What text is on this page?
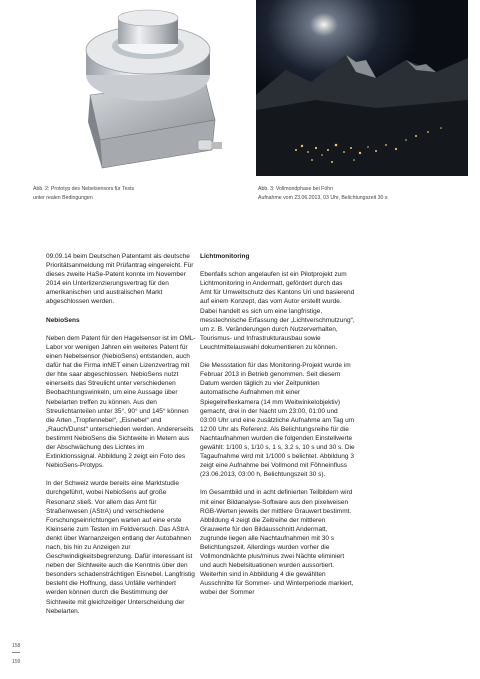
Abb. 2: Prototyp des Nebelsensors für Tests
unter realen Bedingungen
Abb. 3: Vollmondphase bei Föhn
Aufnahme vom 23.06.2013, 03 Uhr, Belichtungszeit 30 s

09.09.14 beim Deutschen Patentamt als deutsche Prioritätsanmeldung mit Prüfantrag eingereicht. Für dieses zweite HaSe-Patent konnte im November 2014 ein Unterlizenzierungsvertrag für den amerikanischen und australischen Markt abgeschlossen werden.

NebioSens

Neben dem Patent für den Hagelsensor ist im OML-Labor vor wenigen Jahren ein weiteres Patent für einen Nebelsensor (NebioSens) entstanden, auch dafür hat die Firma inNET einen Lizenzvertrag mit der htw saar abgeschlossen. NebioSens nutzt einerseits das Streulicht unter verschiedenen Beobachtungswinkeln, um eine Aussage über Nebelarten treffen zu können. Aus den Streulichtanteilen unter 35°, 90° und 145° können die Arten „Tropfennebel“, „Eisnebel“ und „Rauch/Dunst“ unterschieden werden. Andererseits bestimmt NebioSens die Sichtweite in Metern aus der Abschwächung des Lichtes im Extinktionssignal. Abbildung 2 zeigt ein Foto des NebioSens-Protyps.

In der Schweiz wurde bereits eine Marktstudie durchgeführt, wobei NebioSens auf große Resonanz stieß. Vor allem das Amt für Straßenwesen (AStrA) und verschiedene Forschungseinrichtungen warten auf eine erste Kleinserie zum Testen im Feldversuch. Das AStrA denkt über Warnanzeigen entlang der Autobahnen nach, bis hin zu Anzeigen zur Geschwindigkeitsbegrenzung. Dafür interessant ist neben der Sichtweite auch die Kenntnis über den besonders schadensträchtigen Eisnebel. Langfristig besteht die Hoffnung, dass Unfälle verhindert werden können durch die Bestimmung der Sichtweite mit gleichzeitiger Unterscheidung der Nebelarten.

Lichtmonitoring

Ebenfalls schon angelaufen ist ein Pilotprojekt zum Lichtmonitoring in Andermatt, gefördert durch das Amt für Umweltschutz des Kantons Uri und basierend auf einem Konzept, das vom Autor erstellt wurde. Dabei handelt es sich um eine langfristige, messtechnische Erfassung der „Lichtverschmutzung“, um z. B. Veränderungen durch Nutzerverhalten, Tourismus- und Infrastrukturausbau sowie Leuchtmittelauswahl dokumentieren zu können.

Die Messstation für das Monitoring-Projekt wurde im Februar 2013 in Betrieb genommen. Seit diesem Datum werden täglich zu vier Zeitpunkten automatische Aufnahmen mit einer Spiegelreflexkamera (14 mm Weitwinkelobjektiv) gemacht, drei in der Nacht um 23:00, 01:00 und 03:00 Uhr und eine zusätzliche Aufnahme am Tag um 12:00 Uhr als Referenz. Als Belichtungsreihe für die Nachtaufnahmen wurden die folgenden Einstellwerte gewählt: 1/100 s, 1/10 s, 1 s, 3,2 s, 10 s und 30 s. Die Tagaufnahme wird mit 1/1000 s belichtet. Abbildung 3 zeigt eine Aufnahme bei Vollmond mit Föhneinfluss (23.06.2013, 03:00 h, Belichtungszeit 30 s).

Im Gesamtbild und in acht definierten Teilbildern wird mit einer Bildanalyse-Software aus den pixelweisen RGB-Werten jeweils der mittlere Grauwert bestimmt. Abbildung 4 zeigt die Zeitreihe der mittleren Grauwerte für den Bildausschnitt Andermatt, zugrunde liegen alle Nachtaufnahmen mit 30 s Belichtungszeit. Allerdings wurden vorher die Vollmondnächte plus/minus zwei Nächte eliminiert und auch Nebelsituationen wurden aussortiert. Weiterhin sind in Abbildung 4 die gewählten Ausschnitte für Sommer- und Winterperiode markiert, wobei der Sommer

158
159
